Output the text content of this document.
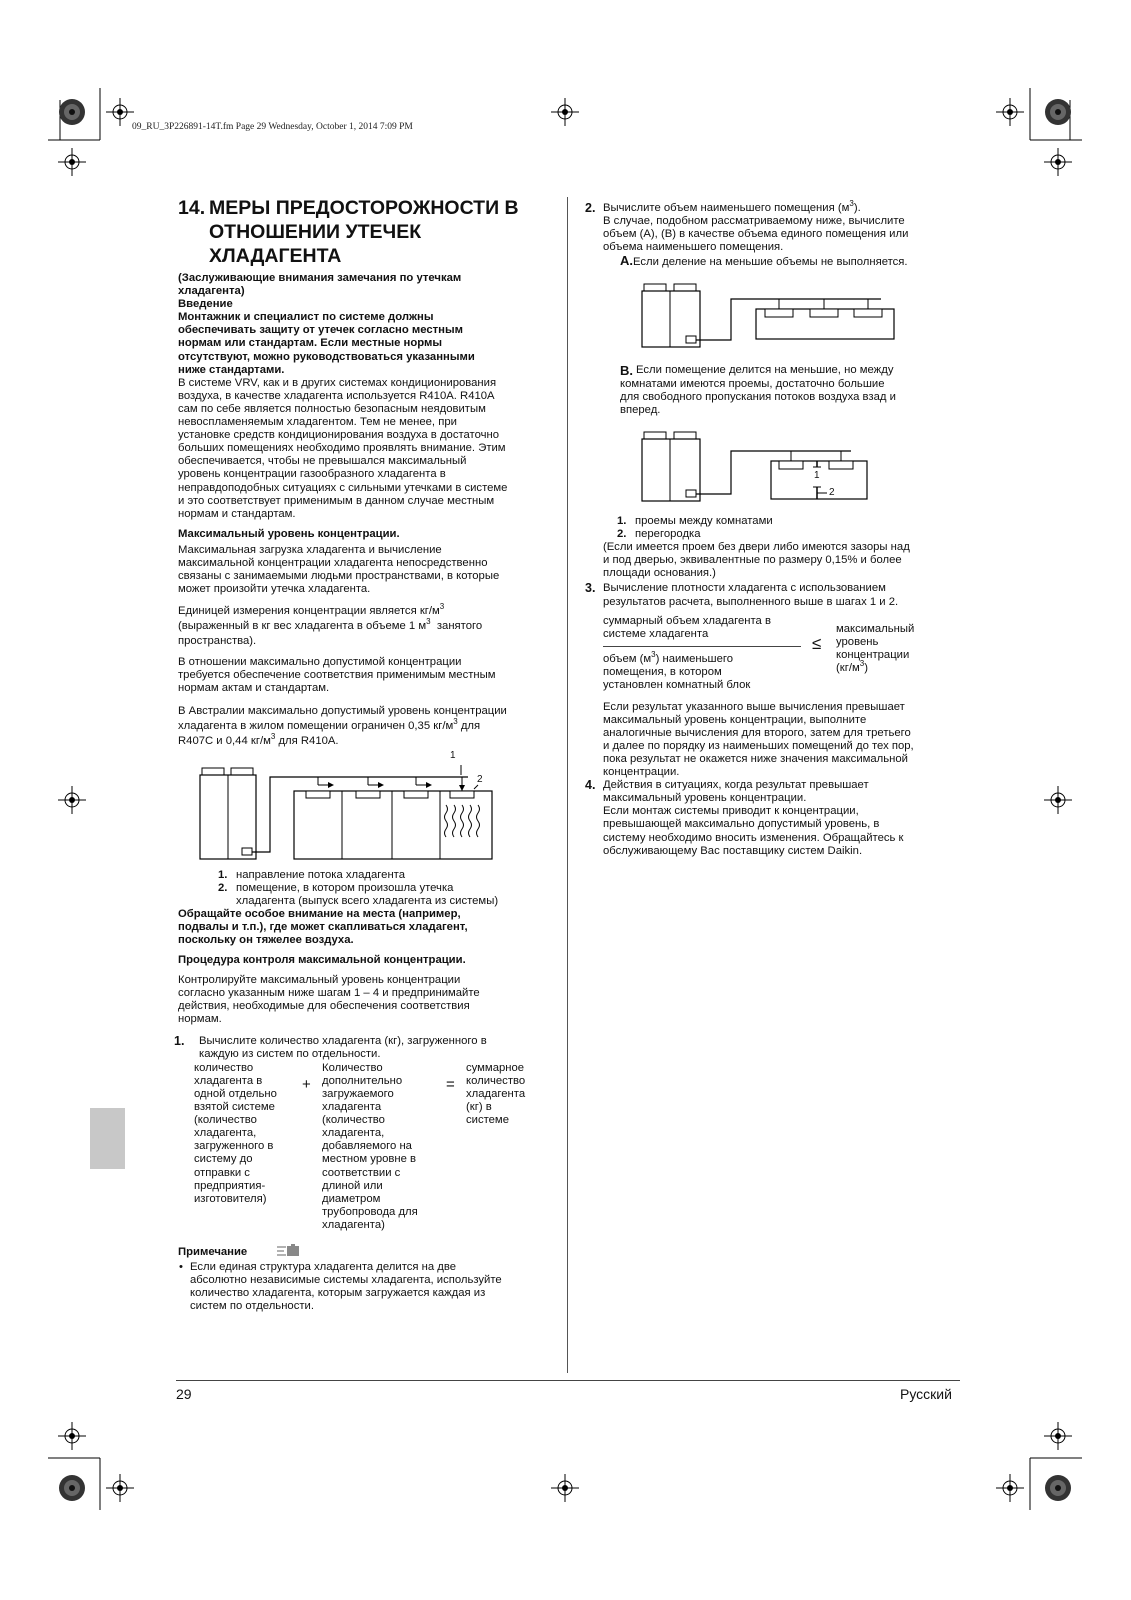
09_RU_3P226891-14T.fm Page 29 Wednesday, October 1, 2014 7:09 PM
14. МЕРЫ ПРЕДОСТОРОЖНОСТИ В
ОТНОШЕНИИ УТЕЧЕК
ХЛАДАГЕНТА
(Заслуживающие внимания замечания по утечкам
хладагента)
Введение
Монтажник и специалист по системе должны
обеспечивать защиту от утечек согласно местным
нормам или стандартам. Если местные нормы
отсутствуют, можно руководствоваться указанными
ниже стандартами.
В системе VRV, как и в других системах кондиционирования
воздуха, в качестве хладагента используется R410A. R410A
сам по себе является полностью безопасным неядовитым
невоспламеняемым хладагентом. Тем не менее, при
установке средств кондиционирования воздуха в достаточно
больших помещениях необходимо проявлять внимание. Этим
обеспечивается, чтобы не превышался максимальный
уровень концентрации газообразного хладагента в
неправдоподобных ситуациях с сильными утечками в системе
и это соответствует применимым в данном случае местным
нормам и стандартам.
Максимальный уровень концентрации.
Максимальная загрузка хладагента и вычисление
максимальной концентрации хладагента непосредственно
связаны с занимаемыми людьми пространствами, в которые
может произойти утечка хладагента.
Единицей измерения концентрации является $кг/м^3$
(выраженный в кг вес хладагента в объеме 1 $м^3$  занятого
пространства).
В отношении максимально допустимой концентрации
требуется обеспечение соответствия применимым местным
нормам актам и стандартам.
В Австралии максимально допустимый уровень концентрации
хладагента в жилом помещении ограничен 0,35 $кг/м^3$ для
R407C и 0,44 $кг/м^3$ для R410A.
1
2
1. направление потока хладагента
2. помещение, в котором произошла утечка
хладагента (выпуск всего хладагента из системы)
Обращайте особое внимание на места (например,
подвалы и т.п.), где может скапливаться хладагент,
поскольку он тяжелее воздуха.
Процедура контроля максимальной концентрации.
Контролируйте максимальный уровень концентрации
согласно указанным ниже шагам 1 – 4 и предпринимайте
действия, необходимые для обеспечения соответствия
нормам.
1. Вычислите количество хладагента (кг), загруженного в
каждую из систем по отдельности.
количество
хладагента в
одной отдельно
взятой системе
(количество
хладагента,
загруженного в
систему до
отправки с
предприятия-
изготовителя)
+
Количество
дополнительно
загружаемого
хладагента
(количество
хладагента,
добавляемого на
местном уровне в
соответствии с
длиной или
диаметром
трубопровода для
хладагента)
=
суммарное
количество
хладагента
(кг) в
системе
Примечание
• Если единая структура хладагента делится на две
абсолютно независимые системы хладагента, используйте
количество хладагента, которым загружается каждая из
систем по отдельности.
2. Вычислите объем наименьшего помещения $(м^3)$.
В случае, подобном рассматриваемому ниже, вычислите
объем (A), (B) в качестве объема единого помещения или
объема наименьшего помещения.
A.Если деление на меньшие объемы не выполняется.
B. Если помещение делится на меньшие, но между
комнатами имеются проемы, достаточно большие
для свободного пропускания потоков воздуха взад и
вперед.
1
2
1. проемы между комнатами
2. перегородка
(Если имеется проем без двери либо имеются зазоры над
и под дверью, эквивалентные по размеру 0,15% и более
площади основания.)
3. Вычисление плотности хладагента с использованием
результатов расчета, выполненного выше в шагах 1 и 2.
суммарный объем хладагента в
системе хладагента
объем $(м^3)$ наименьшего
помещения, в котором
установлен комнатный блок
≤
максимальный
уровень
концентрации
$(кг/м^3)$
Если результат указанного выше вычисления превышает
максимальный уровень концентрации, выполните
аналогичные вычисления для второго, затем для третьего
и далее по порядку из наименьших помещений до тех пор,
пока результат не окажется ниже значения максимальной
концентрации.
4. Действия в ситуациях, когда результат превышает
максимальный уровень концентрации.
Если монтаж системы приводит к концентрации,
превышающей максимально допустимый уровень, в
систему необходимо вносить изменения. Обращайтесь к
обслуживающему Вас поставщику систем Daikin.
29	Русский
